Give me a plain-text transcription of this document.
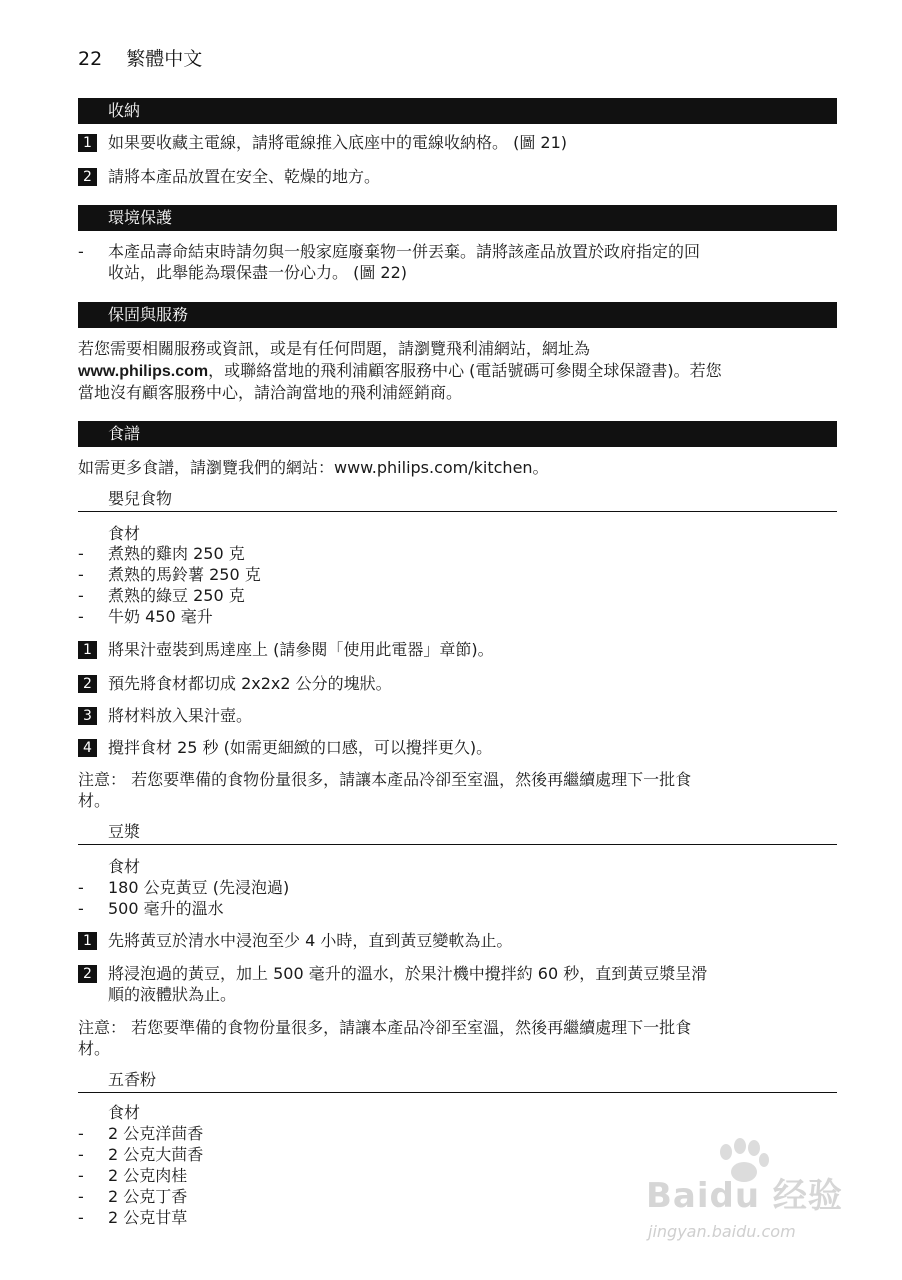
22 繁體中文
收納
1	如果要收藏主電線，請將電線推入底座中的電線收納格。 (圖 21)
2	請將本產品放置在安全、乾燥的地方。
環境保護
- 本產品壽命結束時請勿與一般家庭廢棄物一併丟棄。請將該產品放置於政府指定的回
收站，此舉能為環保盡一份心力。 (圖 22)
保固與服務
若您需要相關服務或資訊，或是有任何問題，請瀏覽飛利浦網站，網址為
www.philips.com，或聯絡當地的飛利浦顧客服務中心 (電話號碼可參閱全球保證書)。若您
當地沒有顧客服務中心，請洽詢當地的飛利浦經銷商。
食譜
如需更多食譜，請瀏覽我們的網站：www.philips.com/kitchen。
嬰兒食物
食材
- 煮熟的雞肉 250 克
- 煮熟的馬鈴薯 250 克
- 煮熟的綠豆 250 克
- 牛奶 450 毫升
1	將果汁壺裝到馬達座上 (請參閱「使用此電器」章節)。
2	預先將食材都切成 2x2x2 公分的塊狀。
3	將材料放入果汁壺。
4	攪拌食材 25 秒 (如需更細緻的口感，可以攪拌更久)。
注意： 若您要準備的食物份量很多，請讓本產品冷卻至室溫，然後再繼續處理下一批食
材。
豆漿
食材
- 180 公克黃豆 (先浸泡過)
- 500 毫升的溫水
1	先將黃豆於清水中浸泡至少 4 小時，直到黃豆變軟為止。
2	將浸泡過的黃豆，加上 500 毫升的溫水，於果汁機中攪拌約 60 秒，直到黃豆漿呈滑
順的液體狀為止。
注意： 若您要準備的食物份量很多，請讓本產品冷卻至室溫，然後再繼續處理下一批食
材。
五香粉
食材
- 2 公克洋茴香
- 2 公克大茴香
- 2 公克肉桂
- 2 公克丁香
- 2 公克甘草
Baidu 经验
jingyan.baidu.com
